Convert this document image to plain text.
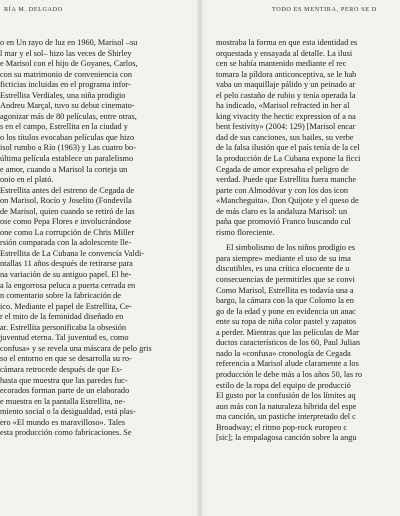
RÍA M. DELGADO
o en Un rayo de luz en 1960, Marisol –su
l mar y el sol– hizo las veces de Shirley
e Marisol con el hijo de Goyanes, Carlos,
con su matrimonio de conveniencia con
ficticias incluidas en el programa infor-
Estrellita Verdiales, una niña prodigio
Andreu Marçal, tuvo su debut cinemato-
agonizar más de 80 películas, entre otras,
s en el campo, Estrellita en la ciudad y
o los títulos evocaban películas que hizo
isol rumbo a Río (1963) y Las cuatro bo-
última película establece un paralelismo
e amor, cuando a Marisol la corteja un
onio en el plató.
Estrellita antes del estreno de Cegada de
on Marisol, Rocío y Joselito (Fondevila
de Marisol, quien cuando se retiró de las
ose como Pepa Flores e involucrándose
one como La corrupción de Chris Miller
rsión comparada con la adolescente lle-
Estrellita de La Cubana le convencía Valdi-
ntallas 11 años después de retirarse para
na variación de su antiguo papel. El he-
a la engorrosa peluca a puerta cerrada en
n comentario sobre la fabricación de
ico. Mediante el papel de Estrellita, Ce-
r el mito de la feminidad diseñado en
ar. Estrellita personificaba la obsesión
juventud eterna. Tal juventud es, como
confusa» y se revela una máscara de pelo gris
so el entorno en que se desarrolla su ro-
cámara retrocede después de que Es-
hasta que muestra que las paredes fuc-
ecorados forman parte de un elaborado
e muestra en la pantalla Estrellita, ne-
miento social o la desigualdad, está plas-
ero «El mundo es maravilloso». Tales
esta producción como fabricaciones. Se
TODO ES MENTIRA, PERO SE D
mostraba la forma en que esta identidad es
orquestada y ensayada al detalle. La ilusi
cen se había mantenido mediante el rec
tomara la píldora anticonceptiva, se le hab
vaba un maquillaje pálido y un peinado ar
el pelo castaño de rubio y tenía operada la
ha indicado, «Marisol refracted in her al
king vivacity the hectic expression of a na
bent festivity» (2004: 129) [Marisol encar
dad de sus canciones, sus bailes, su verbe
de la falsa ilusión que el país tenía de la cel
la producción de La Cubana expone la ficci
Cegada de amor expresaba el peligro de
verdad. Puede que Estrellita fuera manche
parte con Almodóvar y con los dos icon
«Mancheguita». Don Quijote y el queso de
de más claro es la andaluza Marisol: un
paña que promovió Franco buscando cul
rismo floreciente.
El simbolismo de los niños prodigio es
para siempre» mediante el uso de su ima
discutibles, es una crítica elocuente de u
consecuencias de permitirles que se convi
Como Marisol, Estrellita es todavía una a
bargo, la cámara con la que Colomo la en
go de la edad y pone en evidencia un anac
ente su ropa de niña color pastel y zapatos
a perder. Mientras que las películas de Mar
ductos característicos de los 60, Paul Julian
nado la «confusa» cronología de Cegada
referencia a Marisol alude claramente a los
producción le debe más a los años 50, las ro
estilo de la ropa del equipo de producció
El gusto por la confusión de los límites aq
aun más con la naturaleza híbrida del espe
ma canción, un pastiche interpretado del c
Broadway; el ritmo pop-rock europeo c
[sic]; la empalagosa canción sobre la angu
